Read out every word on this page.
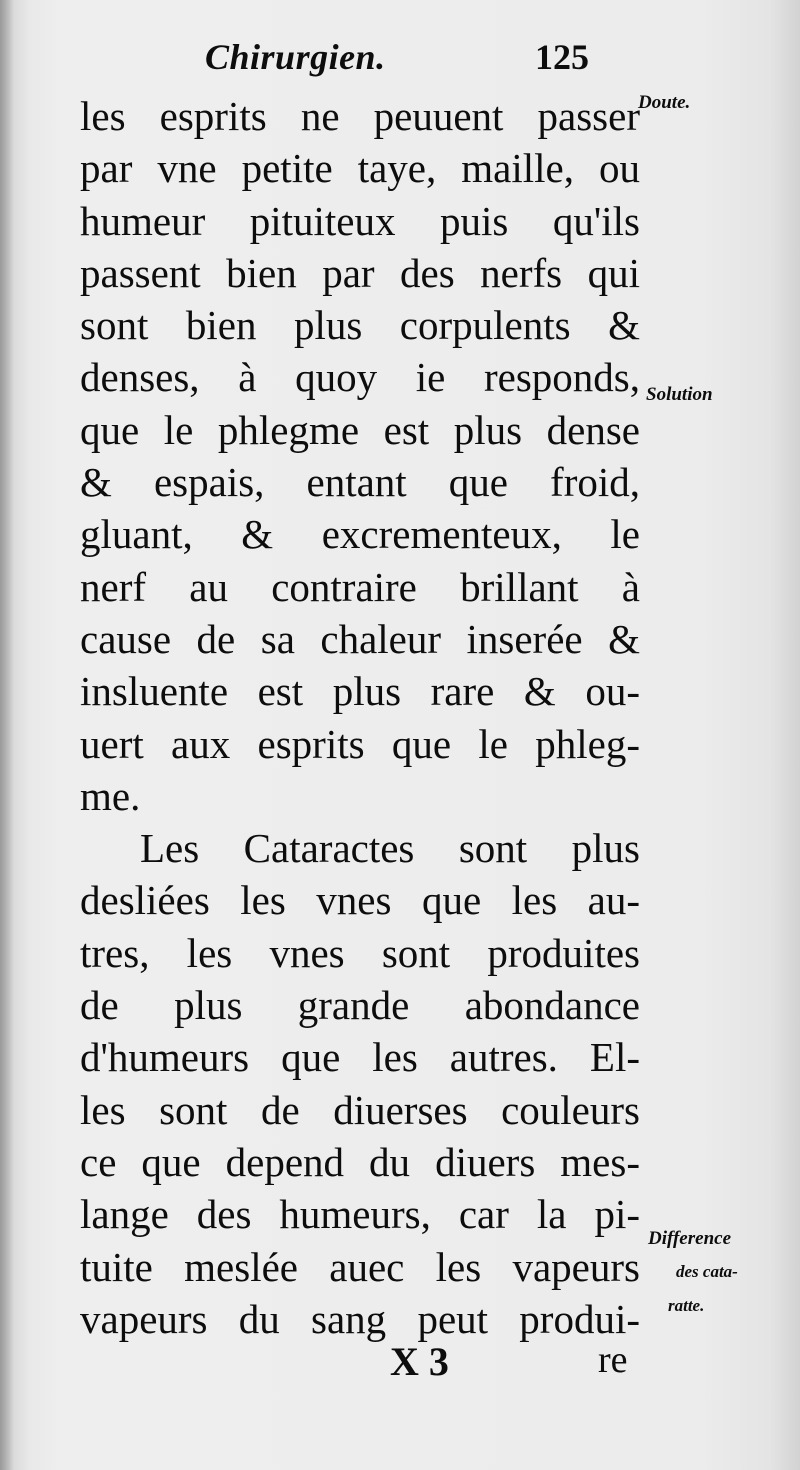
Chirurgien.	125
les esprits ne peuuent passer
par vne petite taye, maille, ou
humeur pituiteux puis qu'ils
passent bien par des nerfs qui
sont bien plus corpulents &
denses, à quoy ie responds,
que le phlegme est plus dense
& espais, entant que froid,
gluant, & excrementeux, le
nerf au contraire brillant à
cause de sa chaleur inserée &
insluente est plus rare & ou-
uert aux esprits que le phleg-
me.
Les Cataractes sont plus
desliées les vnes que les au-
tres, les vnes sont produites
de plus grande abondance
d'humeurs que les autres. El-
les sont de diuerses couleurs
ce que depend du diuers mes-
lange des humeurs, car la pi-
tuite meslée auec les vapeurs
vapeurs du sang peut produi-
Doute.
Solution
Difference
des cata-
ratte.
X 3	re
